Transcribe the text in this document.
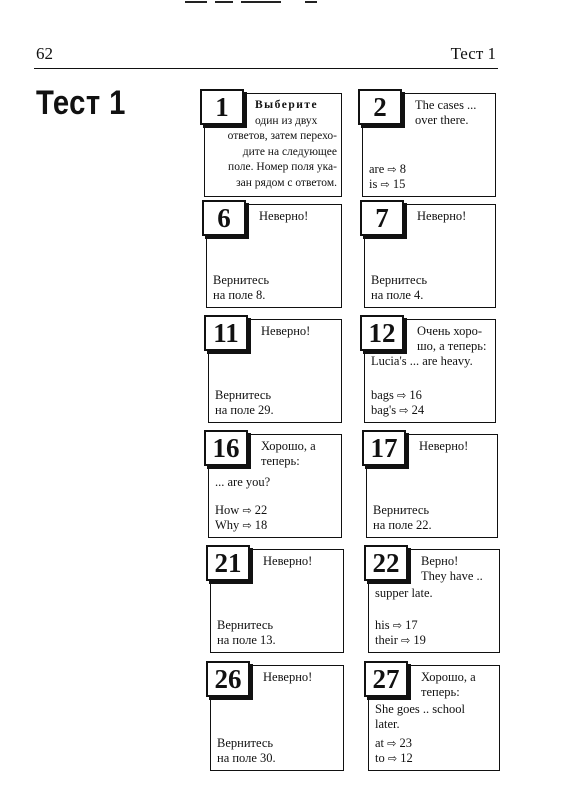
62	Тест 1
Тест 1	Выберите
один из двух
ответов, затем перехо-
дите на следующее
поле. Номер поля ука-
зан рядом с ответом.
1	2	The cases ...
over there.
are ⇨ 8
is ⇨ 15
6	Неверно!
Вернитесь
на поле 8.
7	Неверно!
Вернитесь
на поле 4.
11	Неверно!
Вернитесь
на поле 29.
12	Очень хоро-
шо, а теперь:
Lucia's ... are heavy.
bags ⇨ 16
bag's ⇨ 24
16	Хорошо, а
теперь:
... are you?
How ⇨ 22
Why ⇨ 18
17	Неверно!
Вернитесь
на поле 22.
21	Неверно!
Вернитесь
на поле 13.
22	Верно!
They have ..
supper late.
his ⇨ 17
their ⇨ 19
26	Неверно!
Вернитесь
на поле 30.
27	Хорошо, а
теперь:
She goes .. school
later.
at ⇨ 23
to ⇨ 12
